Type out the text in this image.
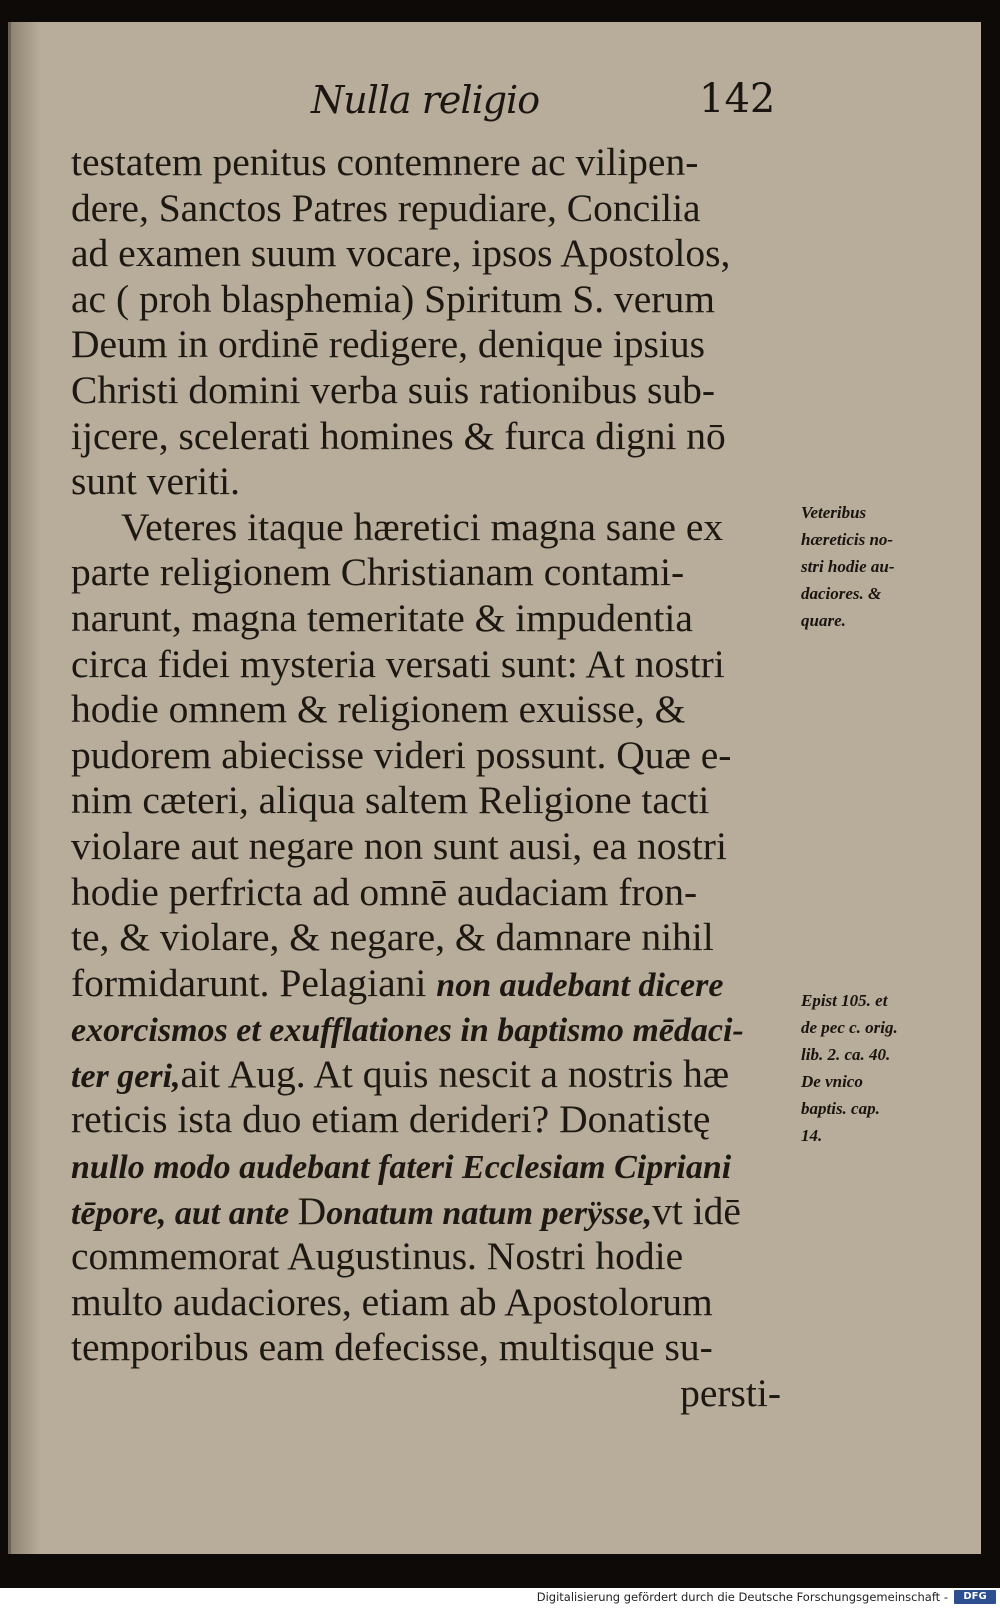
Nulla religio	142
testatem penitus contemnere ac vilipen-
dere, Sanctos Patres repudiare, Concilia
ad examen suum vocare, ipsos Apostolos,
ac ( proh blasphemia) Spiritum S. verum
Deum in ordinē redigere, denique ipsius
Christi domini verba suis rationibus sub-
ijcere, scelerati homines & furca digni nō
sunt veriti.
Veteres itaque hæretici magna sane ex
parte religionem Christianam contami-
narunt, magna temeritate & impudentia
circa fidei mysteria versati sunt: At nostri
hodie omnem & religionem exuisse, &
pudorem abiecisse videri possunt. Quæ e-
nim cæteri, aliqua saltem Religione tacti
violare aut negare non sunt ausi, ea nostri
hodie perfricta ad omnē audaciam fron-
te, & violare, & negare, & damnare nihil
formidarunt. Pelagiani non audebant dicere
exorcismos et exufflationes in baptismo mēdaci-
ter geri,ait Aug. At quis nescit a nostris hæ
reticis ista duo etiam derideri? Donatistę
nullo modo audebant fateri Ecclesiam Cipriani
tēpore, aut ante Donatum natum perÿsse,vt idē
commemorat Augustinus. Nostri hodie
multo audaciores, etiam ab Apostolorum
temporibus eam defecisse, multisque su-
persti-
Veteribus
hæreticis no-
stri hodie au-
daciores. &
quare.
Epist 105. et
de pec c. orig.
lib. 2. ca. 40.
De vnico
baptis. cap.
14.
Digitalisierung gefördert durch die Deutsche Forschungsgemeinschaft -	DFG
